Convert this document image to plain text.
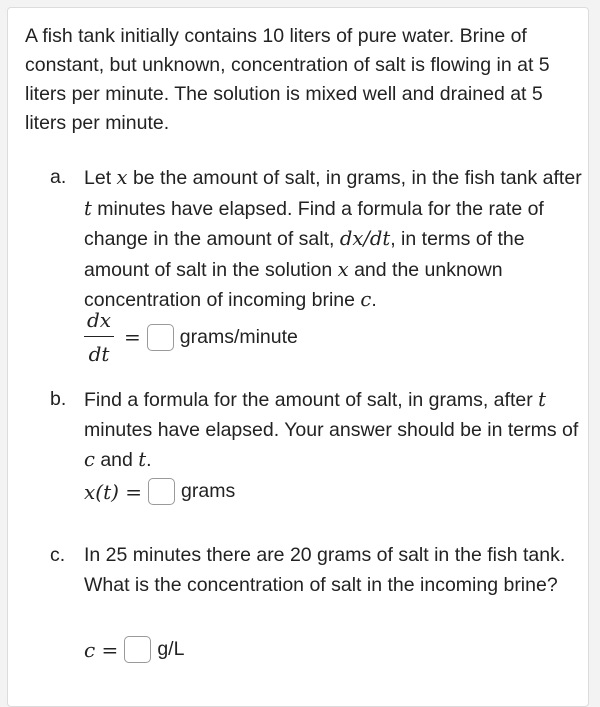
A fish tank initially contains 10 liters of pure water. Brine of constant, but unknown, concentration of salt is flowing in at 5 liters per minute. The solution is mixed well and drained at 5 liters per minute.
a. Let x be the amount of salt, in grams, in the fish tank after t minutes have elapsed. Find a formula for the rate of change in the amount of salt, dx/dt, in terms of the amount of salt in the solution x and the unknown concentration of incoming brine c.
$\frac{dx}{dt}$ = grams/minute
b. Find a formula for the amount of salt, in grams, after t minutes have elapsed. Your answer should be in terms of c and t.
x(t) = grams
c. In 25 minutes there are 20 grams of salt in the fish tank. What is the concentration of salt in the incoming brine?
c = g/L
